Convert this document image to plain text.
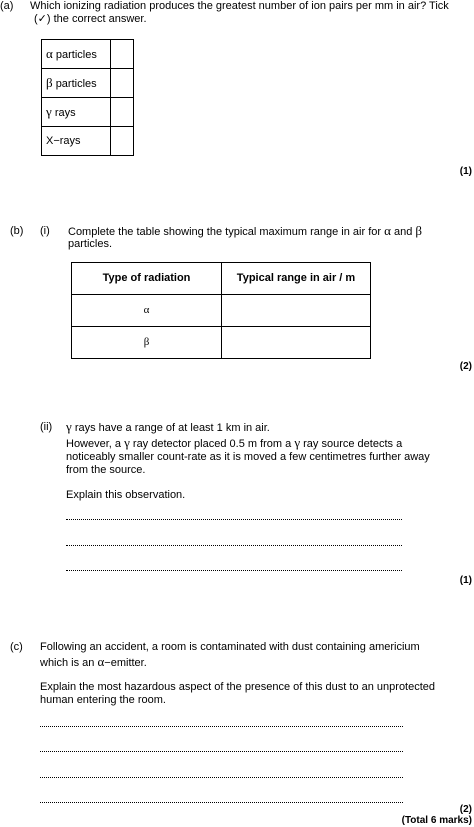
(a) Which ionizing radiation produces the greatest number of ion pairs per mm in air? Tick
(✓) the correct answer.
α particles	
β particles	
γ rays	
X−rays	
(1)
(b) (i) Complete the table showing the typical maximum range in air for α and β
particles.
Type of radiation	Typical range in air / m
α	
β	
(2)
(ii) γ rays have a range of at least 1 km in air.
However, a γ ray detector placed 0.5 m from a γ ray source detects a
noticeably smaller count-rate as it is moved a few centimetres further away
from the source.
Explain this observation.
(1)
(c) Following an accident, a room is contaminated with dust containing americium
which is an α−emitter.
Explain the most hazardous aspect of the presence of this dust to an unprotected
human entering the room.
(2)
(Total 6 marks)
